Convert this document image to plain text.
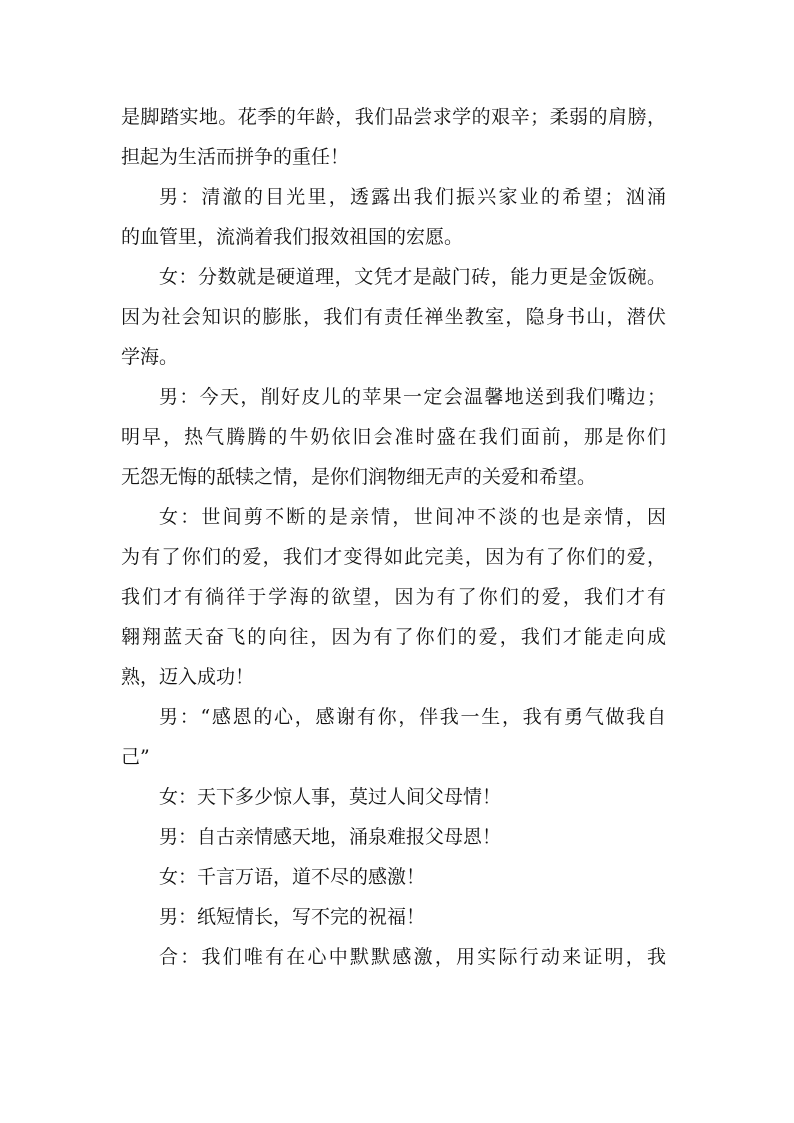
是脚踏实地。花季的年龄，我们品尝求学的艰辛；柔弱的肩膀，
担起为生活而拼争的重任！
男：清澈的目光里，透露出我们振兴家业的希望；汹涌
的血管里，流淌着我们报效祖国的宏愿。
女：分数就是硬道理，文凭才是敲门砖，能力更是金饭碗。
因为社会知识的膨胀，我们有责任禅坐教室，隐身书山，潜伏
学海。
男：今天，削好皮儿的苹果一定会温馨地送到我们嘴边；
明早，热气腾腾的牛奶依旧会准时盛在我们面前，那是你们
无怨无悔的舐犊之情，是你们润物细无声的关爱和希望。
女：世间剪不断的是亲情，世间冲不淡的也是亲情，因
为有了你们的爱，我们才变得如此完美，因为有了你们的爱，
我们才有徜徉于学海的欲望，因为有了你们的爱，我们才有
翱翔蓝天奋飞的向往，因为有了你们的爱，我们才能走向成
熟，迈入成功！
男：“感恩的心，感谢有你，伴我一生，我有勇气做我自
己”
女：天下多少惊人事，莫过人间父母情！
男：自古亲情感天地，涌泉难报父母恩！
女：千言万语，道不尽的感激！
男：纸短情长，写不完的祝福！
合：我们唯有在心中默默感激，用实际行动来证明，我
